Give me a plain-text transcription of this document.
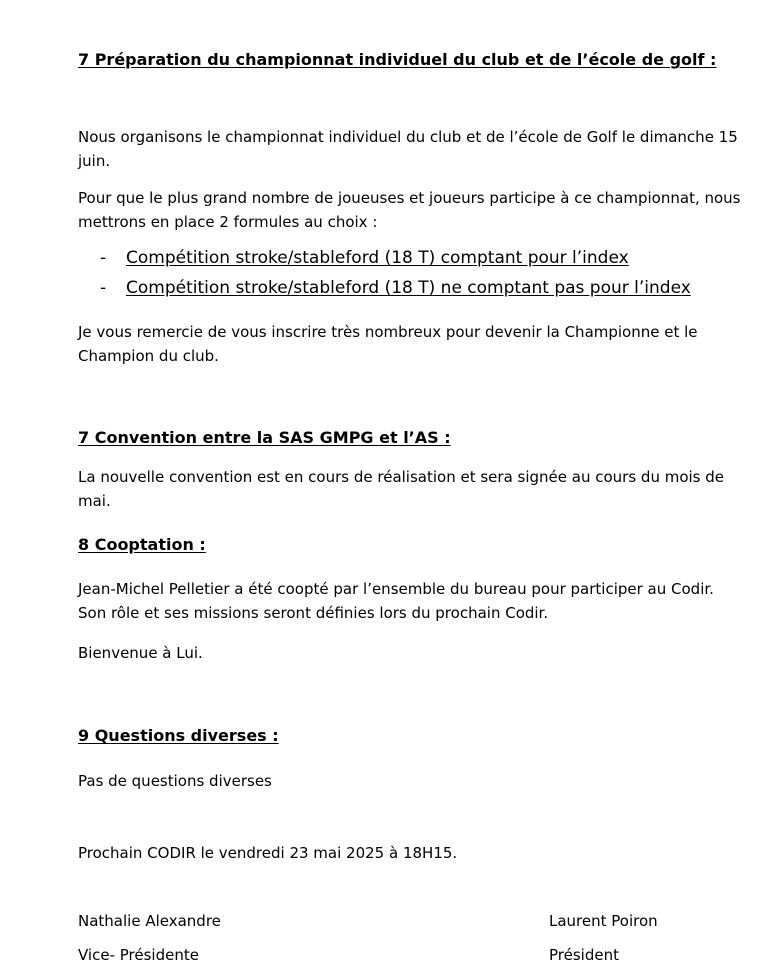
7 Préparation du championnat individuel du club et de l’école de golf :

Nous organisons le championnat individuel du club et de l’école de Golf le dimanche 15 juin.

Pour que le plus grand nombre de joueuses et joueurs participe à ce championnat, nous mettrons en place 2 formules au choix :

- Compétition stroke/stableford (18 T) comptant pour l’index
- Compétition stroke/stableford (18 T) ne comptant pas pour l’index

Je vous remercie de vous inscrire très nombreux pour devenir la Championne et le Champion du club.

7 Convention entre la SAS GMPG et l’AS :

La nouvelle convention est en cours de réalisation et sera signée au cours du mois de mai.

8 Cooptation :

Jean-Michel Pelletier a été coopté par l’ensemble du bureau pour participer au Codir. Son rôle et ses missions seront définies lors du prochain Codir.

Bienvenue à Lui.

9 Questions diverses :

Pas de questions diverses

Prochain CODIR le vendredi 23 mai 2025 à 18H15.

Nathalie Alexandre
Vice- Présidente
Laurent Poiron
Président
